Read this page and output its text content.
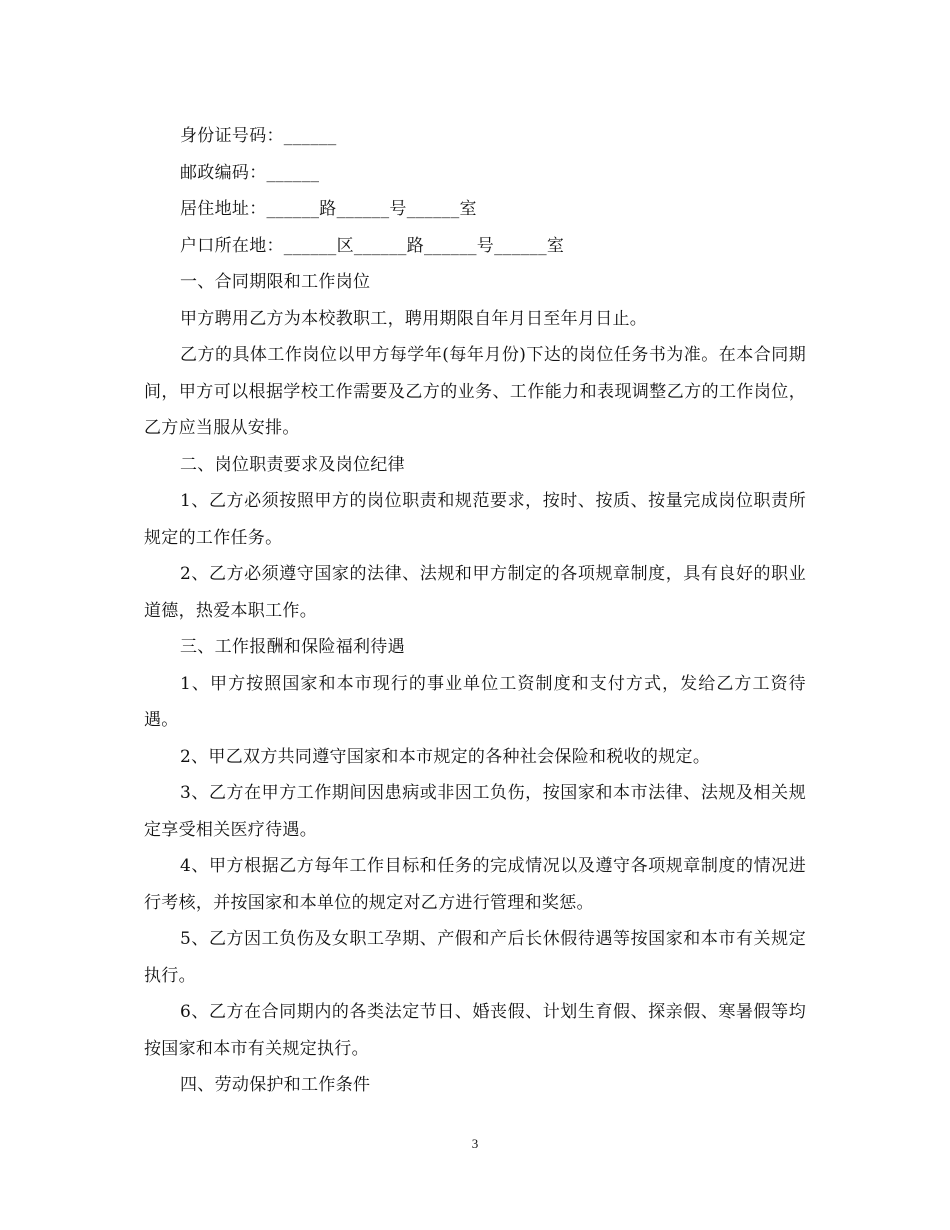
身份证号码：______

邮政编码：______

居住地址：______路______号______室

户口所在地：______区______路______号______室

一、合同期限和工作岗位

甲方聘用乙方为本校教职工，聘用期限自年月日至年月日止。

乙方的具体工作岗位以甲方每学年(每年月份)下达的岗位任务书为准。在本合同期间，甲方可以根据学校工作需要及乙方的业务、工作能力和表现调整乙方的工作岗位，乙方应当服从安排。

二、岗位职责要求及岗位纪律

1、乙方必须按照甲方的岗位职责和规范要求，按时、按质、按量完成岗位职责所规定的工作任务。

2、乙方必须遵守国家的法律、法规和甲方制定的各项规章制度，具有良好的职业道德，热爱本职工作。

三、工作报酬和保险福利待遇

1、甲方按照国家和本市现行的事业单位工资制度和支付方式，发给乙方工资待遇。

2、甲乙双方共同遵守国家和本市规定的各种社会保险和税收的规定。

3、乙方在甲方工作期间因患病或非因工负伤，按国家和本市法律、法规及相关规定享受相关医疗待遇。

4、甲方根据乙方每年工作目标和任务的完成情况以及遵守各项规章制度的情况进行考核，并按国家和本单位的规定对乙方进行管理和奖惩。

5、乙方因工负伤及女职工孕期、产假和产后长休假待遇等按国家和本市有关规定执行。

6、乙方在合同期内的各类法定节日、婚丧假、计划生育假、探亲假、寒暑假等均按国家和本市有关规定执行。

四、劳动保护和工作条件

3
